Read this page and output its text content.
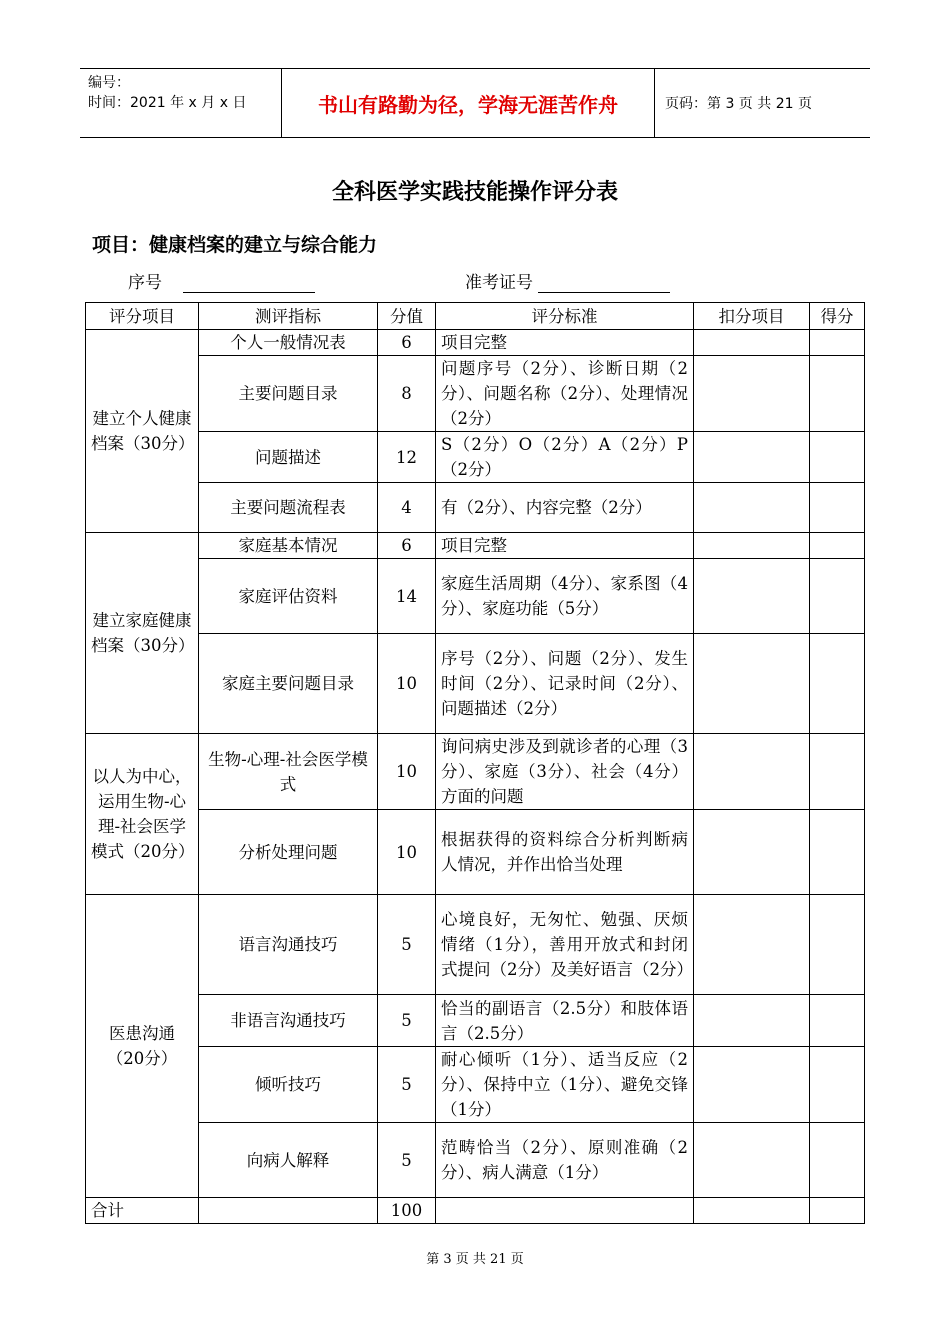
编号：
时间：2021 年 x 月 x 日	书山有路勤为径，学海无涯苦作舟	页码：第 3 页 共 21 页
全科医学实践技能操作评分表
项目：健康档案的建立与综合能力
序号	准考证号
评分项目	测评指标	分值	评分标准	扣分项目	得分
建立个人健康档案（30分）	个人一般情况表	6	项目完整		
	主要问题目录	8	问题序号（2分）、诊断日期（2分）、问题名称（2分）、处理情况（2分）		
	问题描述	12	S（2分）O（2分）A（2分）P（2分）		
	主要问题流程表	4	有（2分）、内容完整（2分）		
建立家庭健康档案（30分）	家庭基本情况	6	项目完整		
	家庭评估资料	14	家庭生活周期（4分）、家系图（4分）、家庭功能（5分）		
	家庭主要问题目录	10	序号（2分）、问题（2分）、发生时间（2分）、记录时间（2分）、问题描述（2分）		
以人为中心，运用生物-心理-社会医学模式（20分）	生物-心理-社会医学模式	10	询问病史涉及到就诊者的心理（3分）、家庭（3分）、社会（4分）方面的问题		
	分析处理问题	10	根据获得的资料综合分析判断病人情况，并作出恰当处理		
医患沟通（20分）	语言沟通技巧	5	心境良好，无匆忙、勉强、厌烦情绪（1分），善用开放式和封闭式提问（2分）及美好语言（2分）		
	非语言沟通技巧	5	恰当的副语言（2.5分）和肢体语言（2.5分）		
	倾听技巧	5	耐心倾听（1分）、适当反应（2分）、保持中立（1分）、避免交锋（1分）		
	向病人解释	5	范畴恰当（2分）、原则准确（2分）、病人满意（1分）		
合计		100			
第 3 页 共 21 页
